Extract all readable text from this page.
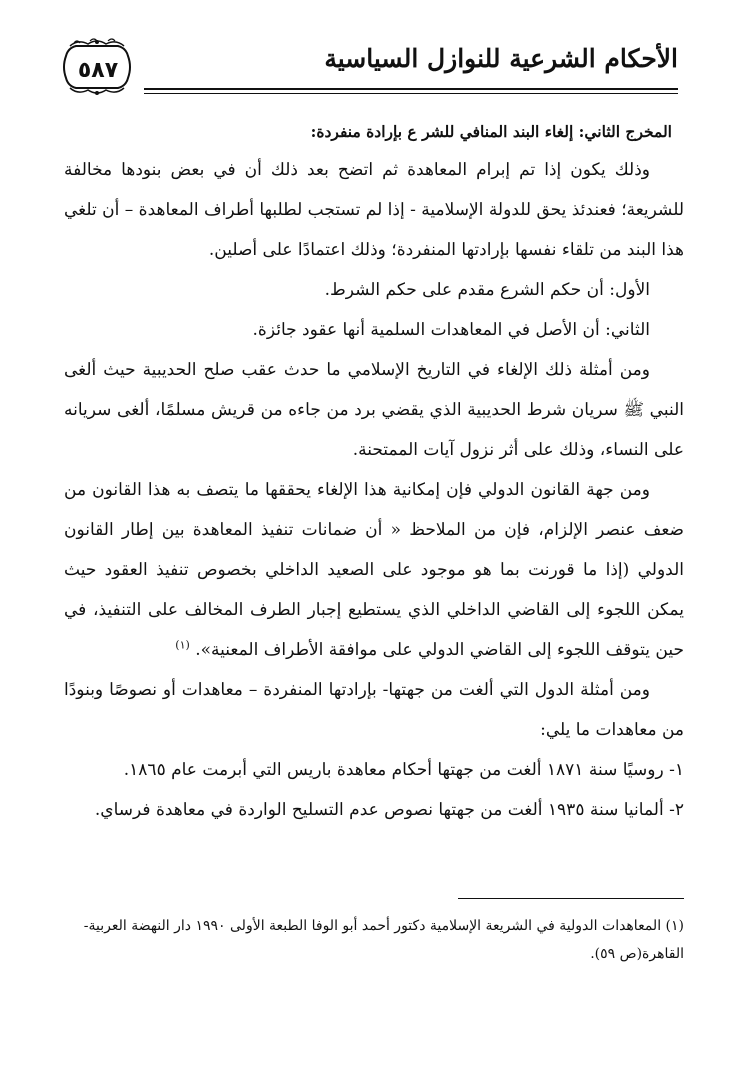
الأحكام الشرعية للنوازل السياسية
٥٨٧
المخرج الثاني: إلغاء البند المنافي للشر ع بإرادة منفردة:

وذلك يكون إذا تم إبرام المعاهدة ثم اتضح بعد ذلك أن في بعض بنودها مخالفة للشريعة؛ فعندئذ يحق للدولة الإسلامية - إذا لم تستجب لطلبها أطراف المعاهدة – أن تلغي هذا البند من تلقاء نفسها بإرادتها المنفردة؛ وذلك اعتمادًا على أصلين.

الأول: أن حكم الشرع مقدم على حكم الشرط.

الثاني: أن الأصل في المعاهدات السلمية أنها عقود جائزة.

ومن أمثلة ذلك الإلغاء في التاريخ الإسلامي ما حدث عقب صلح الحديبية حيث ألغى النبي ﷺ سريان شرط الحديبية الذي يقضي برد من جاءه من قريش مسلمًا، ألغى سريانه على النساء، وذلك على أثر نزول آيات الممتحنة.

ومن جهة القانون الدولي فإن إمكانية هذا الإلغاء يحققها ما يتصف به هذا القانون من ضعف عنصر الإلزام، فإن من الملاحظ « أن ضمانات تنفيذ المعاهدة بين إطار القانون الدولي (إذا ما قورنت بما هو موجود على الصعيد الداخلي بخصوص تنفيذ العقود حيث يمكن اللجوء إلى القاضي الداخلي الذي يستطيع إجبار الطرف المخالف على التنفيذ، في حين يتوقف اللجوء إلى القاضي الدولي على موافقة الأطراف المعنية». $^{(١)}$

ومن أمثلة الدول التي ألغت من جهتها- بإرادتها المنفردة – معاهدات أو نصوصًا وبنودًا من معاهدات ما يلي:

١- روسيًا سنة ١٨٧١ ألغت من جهتها أحكام معاهدة باريس التي أبرمت عام ١٨٦٥.

٢- ألمانيا سنة ١٩٣٥ ألغت من جهتها نصوص عدم التسليح الواردة في معاهدة فرساي.

(١) المعاهدات الدولية في الشريعة الإسلامية دكتور أحمد أبو الوفا الطبعة الأولى ١٩٩٠ دار النهضة العربية- القاهرة(ص ٥٩).
